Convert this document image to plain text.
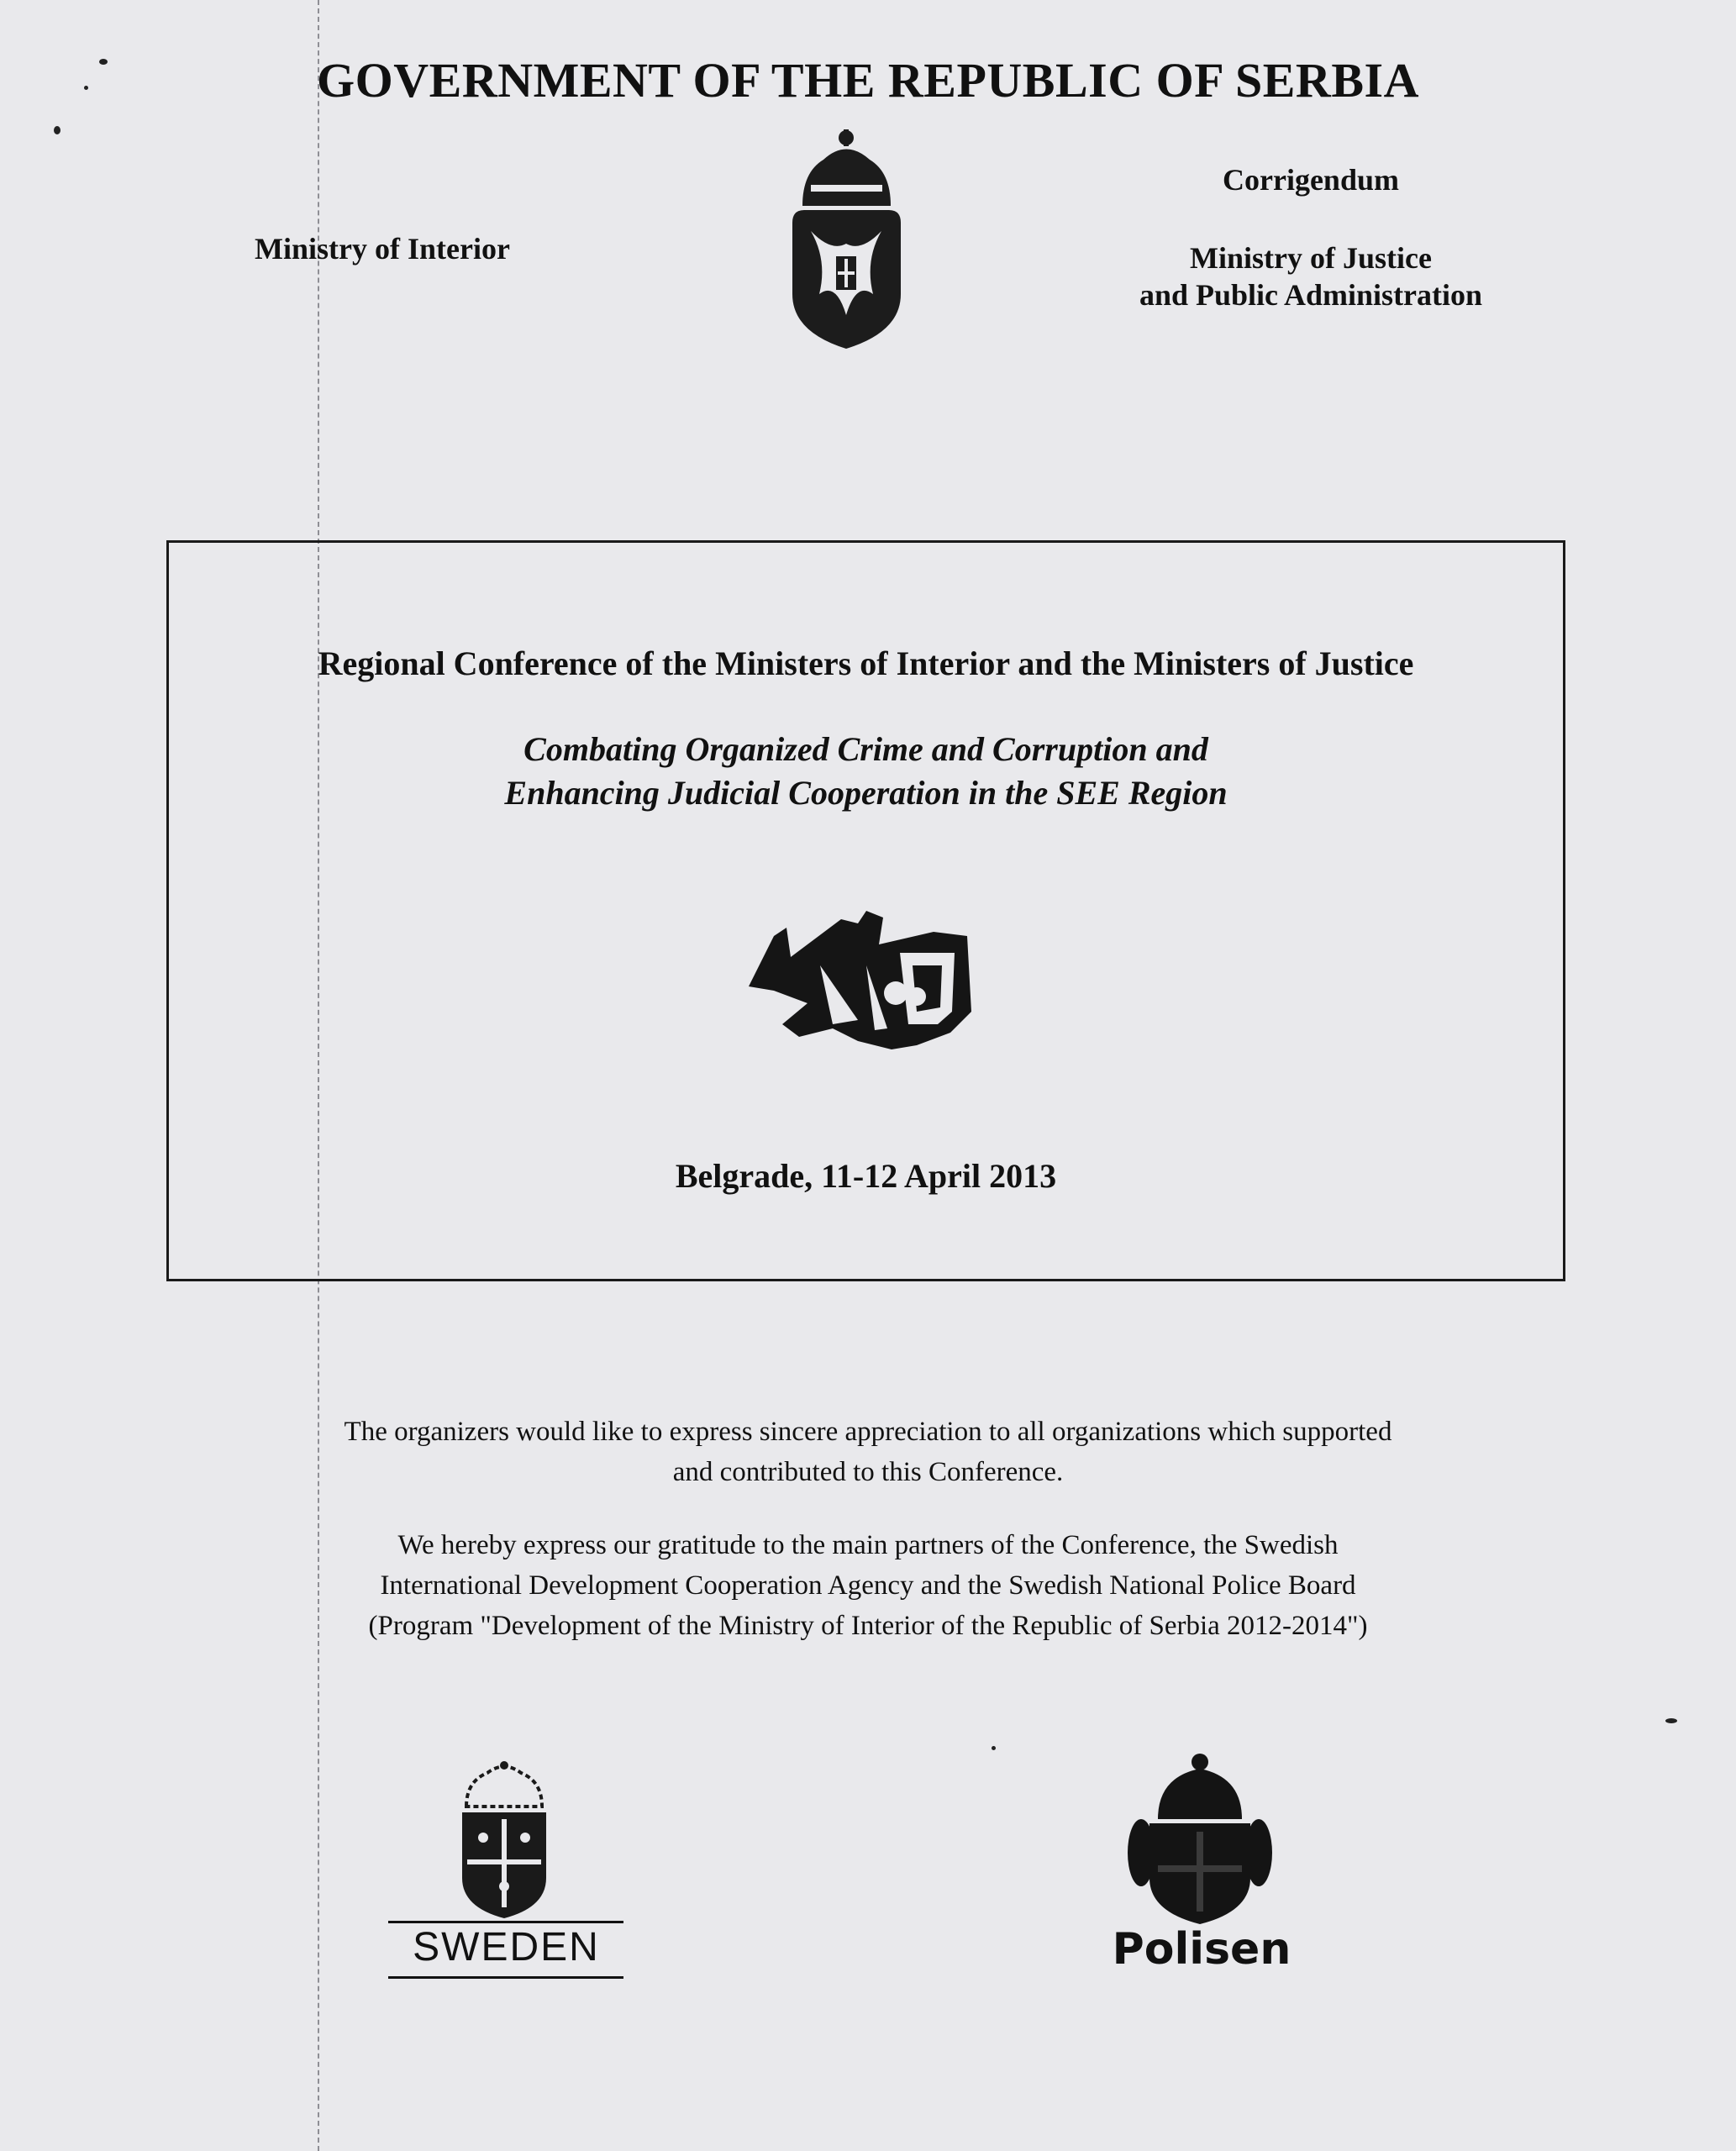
GOVERNMENT OF THE REPUBLIC OF SERBIA
Ministry of Interior
Corrigendum
Ministry of Justice
and Public Administration
Regional Conference of the Ministers of Interior and the Ministers of Justice
Combating Organized Crime and Corruption and
Enhancing Judicial Cooperation in the SEE Region
Belgrade, 11-12 April 2013
The organizers would like to express sincere appreciation to all organizations which supported
and contributed to this Conference.
We hereby express our gratitude to the main partners of the Conference, the Swedish
International Development Cooperation Agency and the Swedish National Police Board
(Program "Development of the Ministry of Interior of the Republic of Serbia 2012-2014")
SWEDEN	Polisen
